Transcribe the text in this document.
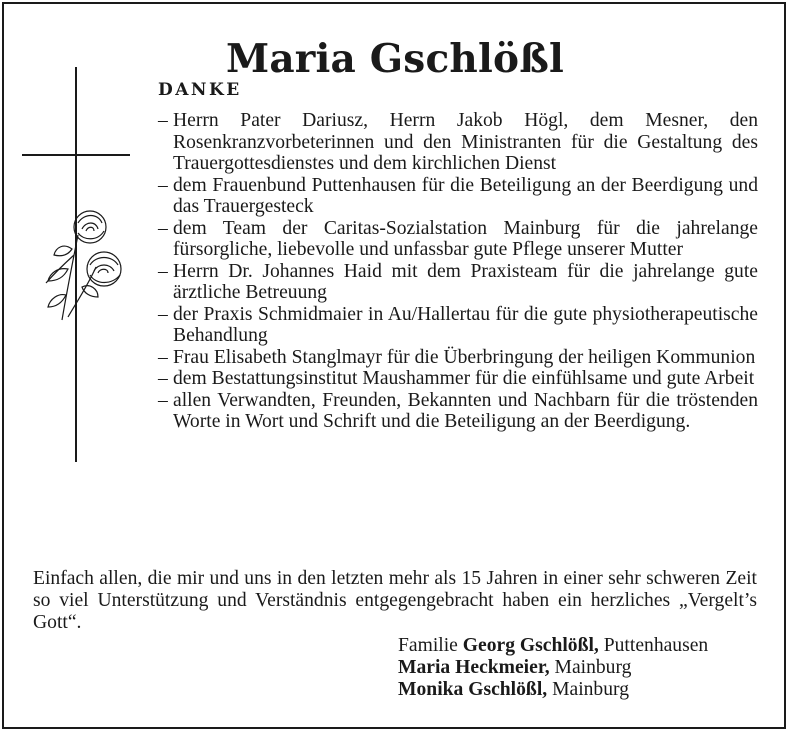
Maria Gschlößl
DANKE
– Herrn Pater Dariusz, Herrn Jakob Högl, dem Mesner, den Rosenkranzvorbeterinnen und den Ministranten für die Gestaltung des Trauergottesdienstes und dem kirchlichen Dienst
– dem Frauenbund Puttenhausen für die Beteiligung an der Beerdigung und das Trauergesteck
– dem Team der Caritas-Sozialstation Mainburg für die jahrelange fürsorgliche, liebevolle und unfassbar gute Pflege unserer Mutter
– Herrn Dr. Johannes Haid mit dem Praxisteam für die jahrelange gute ärztliche Betreuung
– der Praxis Schmidmaier in Au/Hallertau für die gute physiotherapeutische Behandlung
– Frau Elisabeth Stanglmayr für die Überbringung der heiligen Kommunion
– dem Bestattungsinstitut Maushammer für die einfühlsame und gute Arbeit
– allen Verwandten, Freunden, Bekannten und Nachbarn für die tröstenden Worte in Wort und Schrift und die Beteiligung an der Beerdigung.

Einfach allen, die mir und uns in den letzten mehr als 15 Jahren in einer sehr schweren Zeit so viel Unterstützung und Verständnis entgegengebracht haben ein herzliches „Vergelt’s Gott“.

Familie Georg Gschlößl, Puttenhausen
Maria Heckmeier, Mainburg
Monika Gschlößl, Mainburg
